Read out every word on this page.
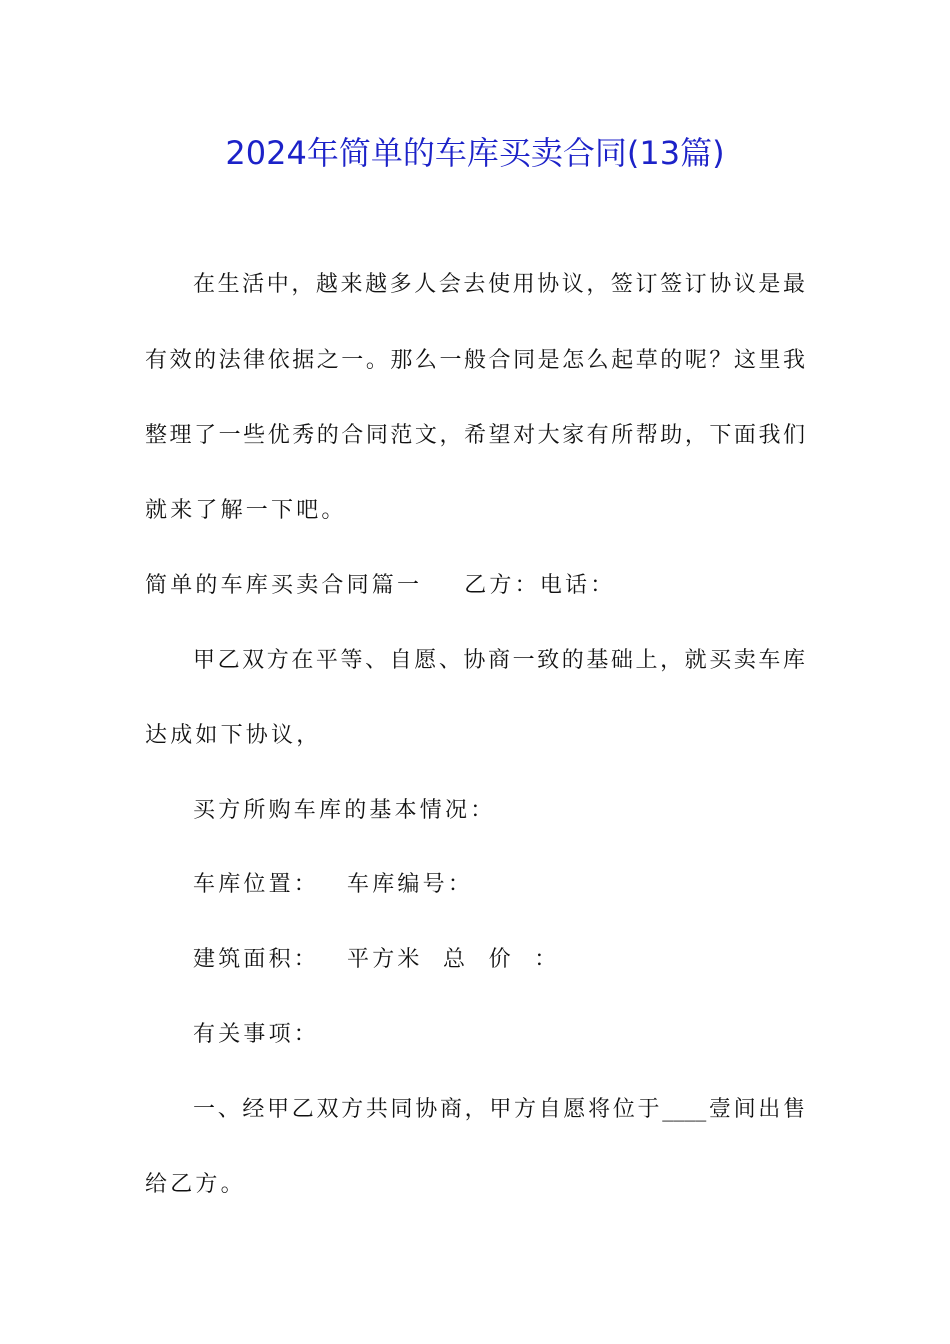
2024年简单的车库买卖合同(13篇)
在生活中，越来越多人会去使用协议，签订签订协议是最
有效的法律依据之一。那么一般合同是怎么起草的呢？这里我
整理了一些优秀的合同范文，希望对大家有所帮助，下面我们
就来了解一下吧。
简单的车库买卖合同篇一 乙方：电话：
甲乙双方在平等、自愿、协商一致的基础上，就买卖车库
达成如下协议，
买方所购车库的基本情况：
车库位置： 车库编号：
建筑面积： 平方米 总  价  ：
有关事项：
一、经甲乙双方共同协商，甲方自愿将位于____壹间出售
给乙方。
